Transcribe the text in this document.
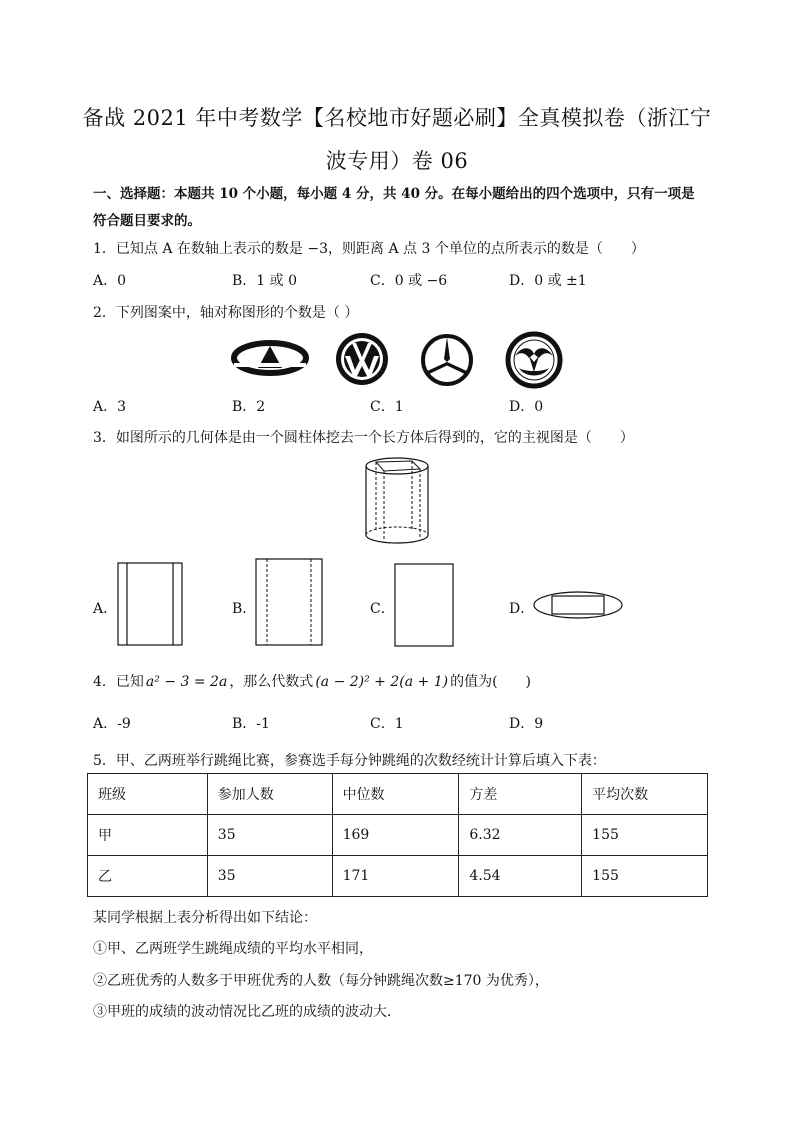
备战 2021 年中考数学【名校地市好题必刷】全真模拟卷（浙江宁
波专用）卷 06
一、选择题：本题共 10 个小题，每小题 4 分，共 40 分。在每小题给出的四个选项中，只有一项是
符合题目要求的。
1．已知点 A 在数轴上表示的数是 −3，则距离 A 点 3 个单位的点所表示的数是（　　）
A．0	B．1 或 0	C．0 或 −6	D．0 或 ±1
2．下列图案中，轴对称图形的个数是（ ）
A．3	B．2	C．1	D．0
3．如图所示的几何体是由一个圆柱体挖去一个长方体后得到的，它的主视图是（　　）
A．	B．	C．	D．
4．已知 a² − 3 = 2a ，那么代数式 (a − 2)² + 2(a + 1) 的值为(　　)
A．-9	B．-1	C．1	D．9
5．甲、乙两班举行跳绳比赛，参赛选手每分钟跳绳的次数经统计计算后填入下表：
班级	参加人数	中位数	方差	平均次数
甲	35	169	6.32	155
乙	35	171	4.54	155
某同学根据上表分析得出如下结论：
①甲、乙两班学生跳绳成绩的平均水平相同，
②乙班优秀的人数多于甲班优秀的人数（每分钟跳绳次数≥170 为优秀），
③甲班的成绩的波动情况比乙班的成绩的波动大．
